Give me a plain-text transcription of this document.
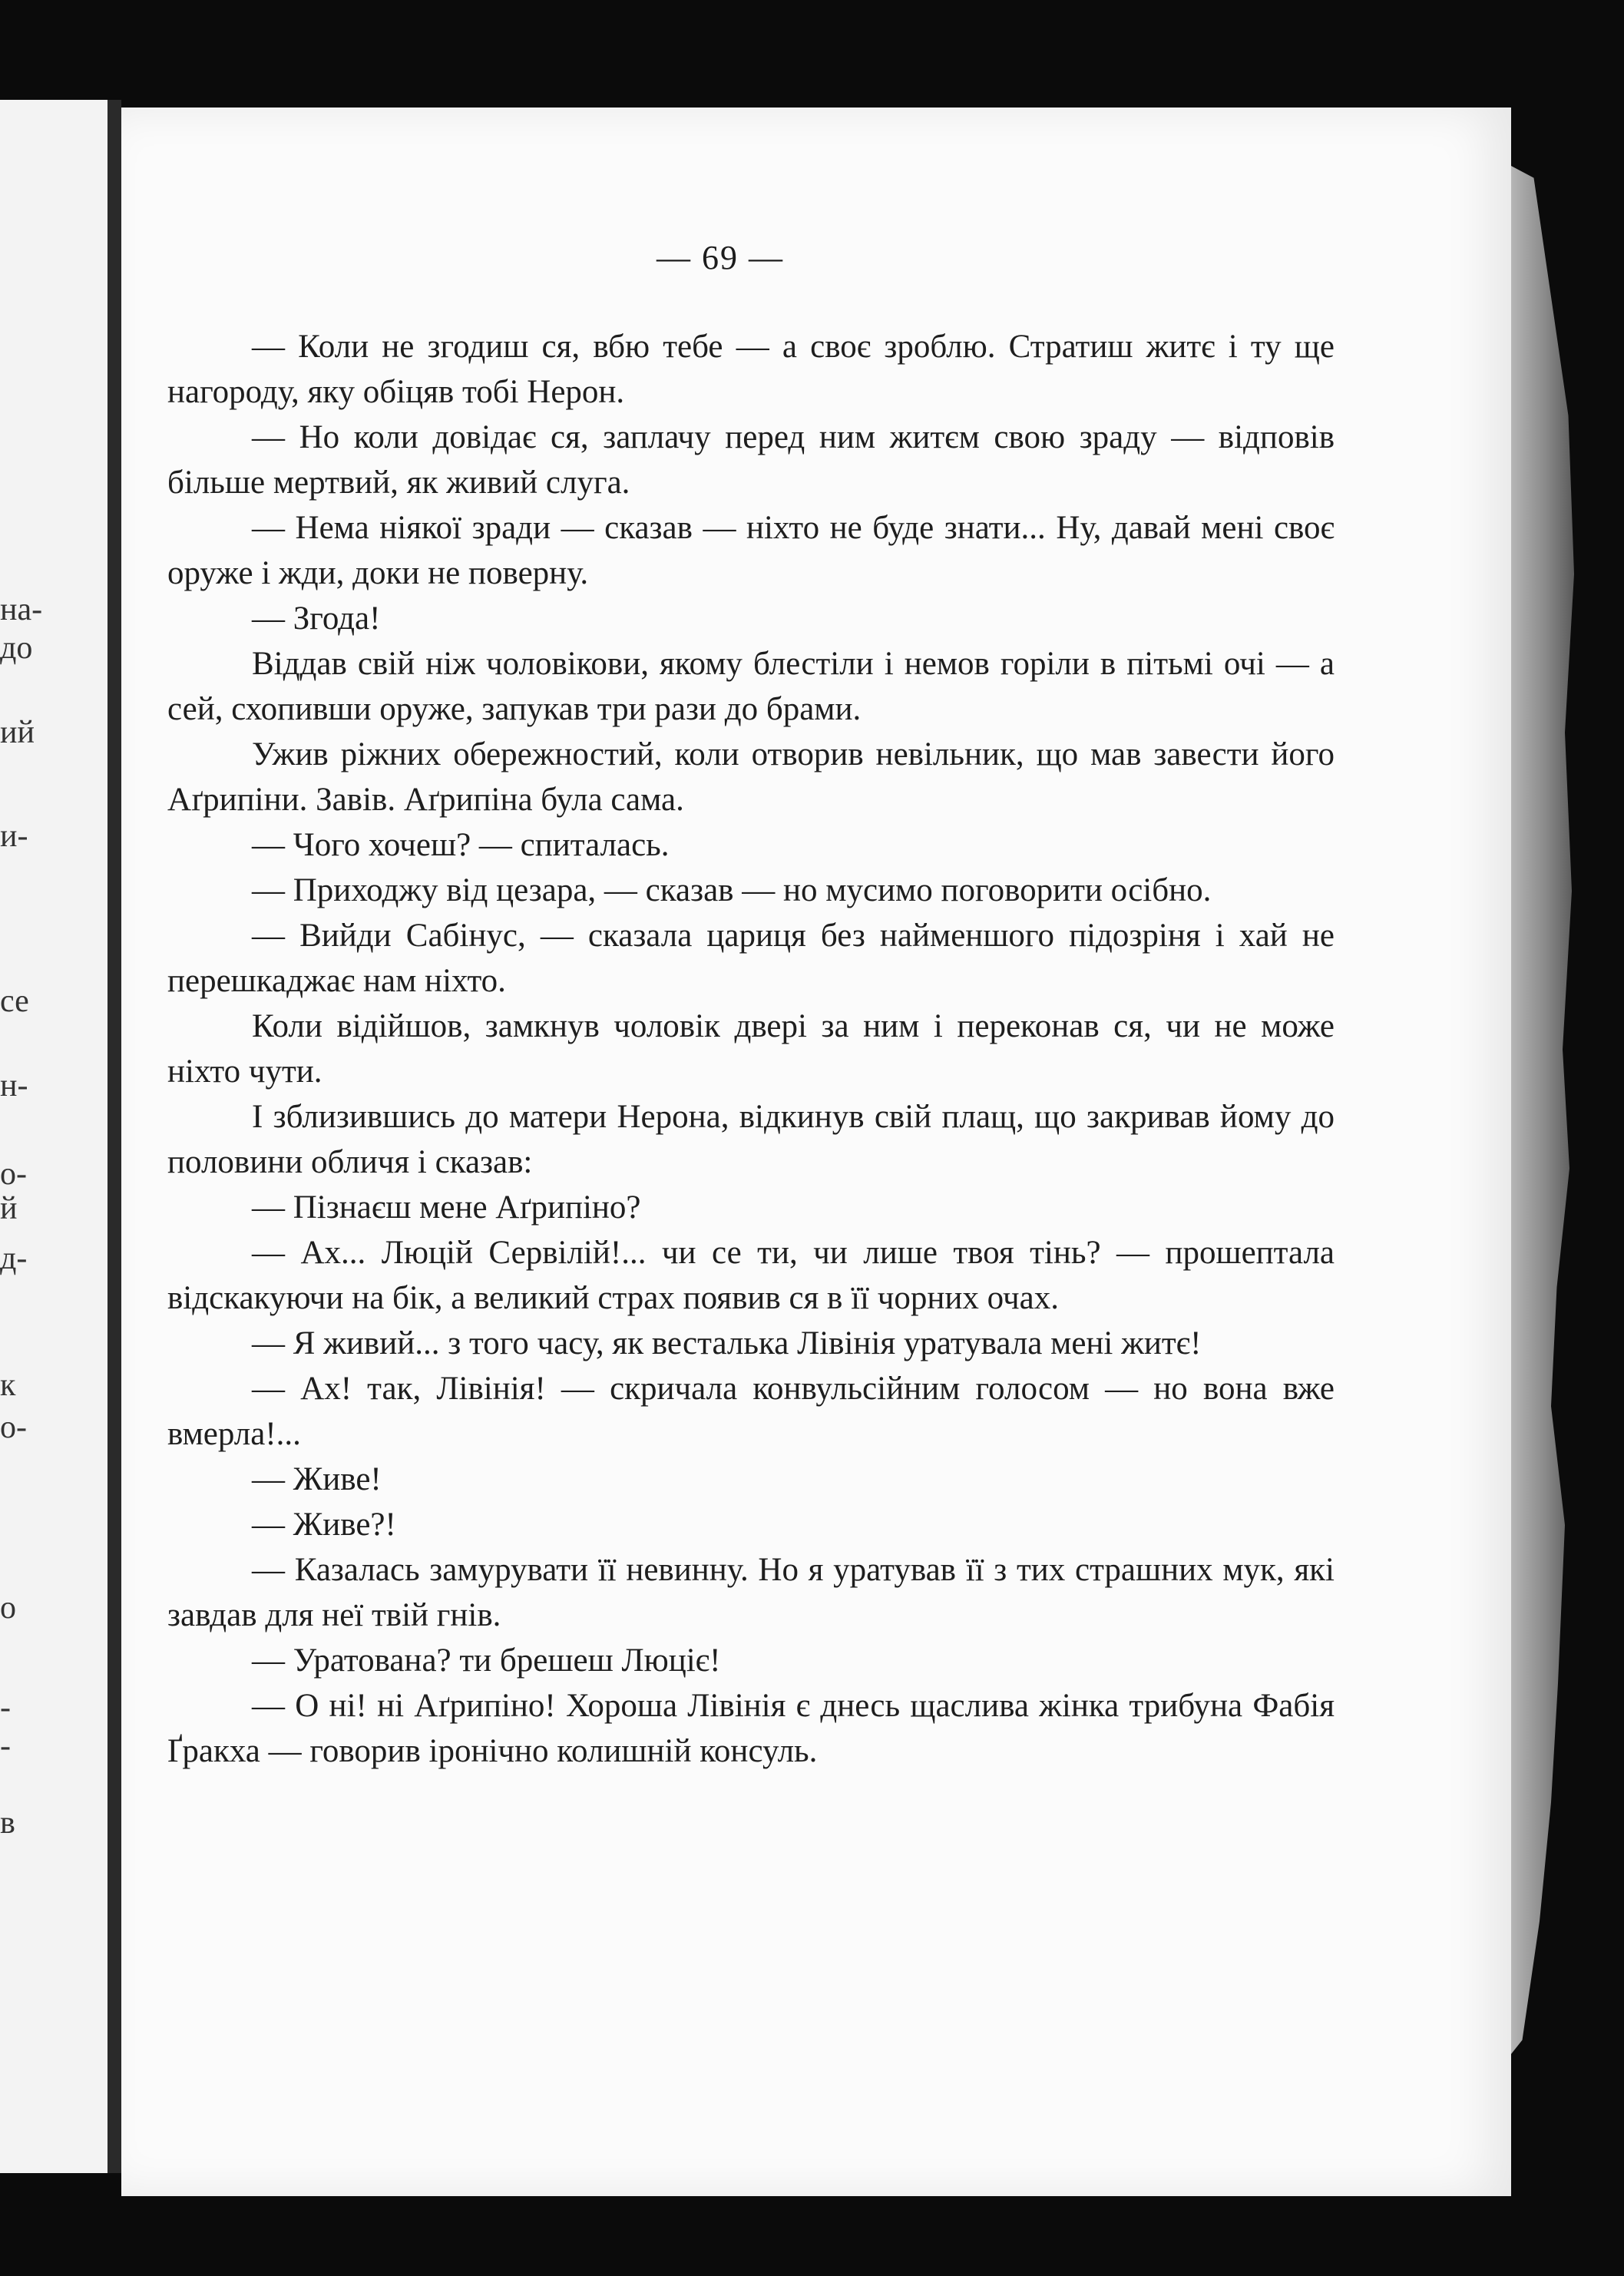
на-
до
ий
и-
се
н-
о-
й
д-
к
о-
о
-
-
в
— 69 —

— Коли не згодиш ся, вбю тебе — а своє зроблю. Стратиш житє і ту ще нагороду, яку обіцяв тобі Нерон.

— Но коли довідає ся, заплачу перед ним житєм свою зраду — відповів більше мертвий, як живий слуга.

— Нема ніякої зради — сказав — ніхто не буде знати... Ну, давай мені своє оруже і жди, доки не поверну.

— Згода!

Віддав свій ніж чоловікови, якому блестіли і немов горіли в пітьмі очі — а сей, схопивши оруже, запукав три рази до брами.

Ужив ріжних обережностий, коли отворив невільник, що мав завести його Аґрипіни. Завів. Аґрипіна була сама.

— Чого хочеш? — спиталась.

— Приходжу від цезара, — сказав — но мусимо поговорити осібно.

— Вийди Сабінус, — сказала цариця без найменшого підозріня і хай не перешкаджає нам ніхто.

Коли відійшов, замкнув чоловік двері за ним і переконав ся, чи не може ніхто чути.

І зблизившись до матери Нерона, відкинув свій плащ, що закривав йому до половини обличя і сказав:

— Пізнаєш мене Аґрипіно?

— Ах... Люцій Сервілій!... чи се ти, чи лише твоя тінь? — прошептала відскакуючи на бік, а великий страх появив ся в її чорних очах.

— Я живий... з того часу, як весталька Лівінія уратувала мені житє!

— Ах! так, Лівінія! — скричала конвульсійним голосом — но вона вже вмерла!...

— Живе!

— Живе?!

— Казалась замурувати її невинну. Но я уратував її з тих страшних мук, які завдав для неї твій гнів.

— Уратована? ти брешеш Люціє!

— О ні! ні Аґрипіно! Хороша Лівінія є днесь щаслива жінка трибуна Фабія Ґракха — говорив іронічно колишній консуль.
